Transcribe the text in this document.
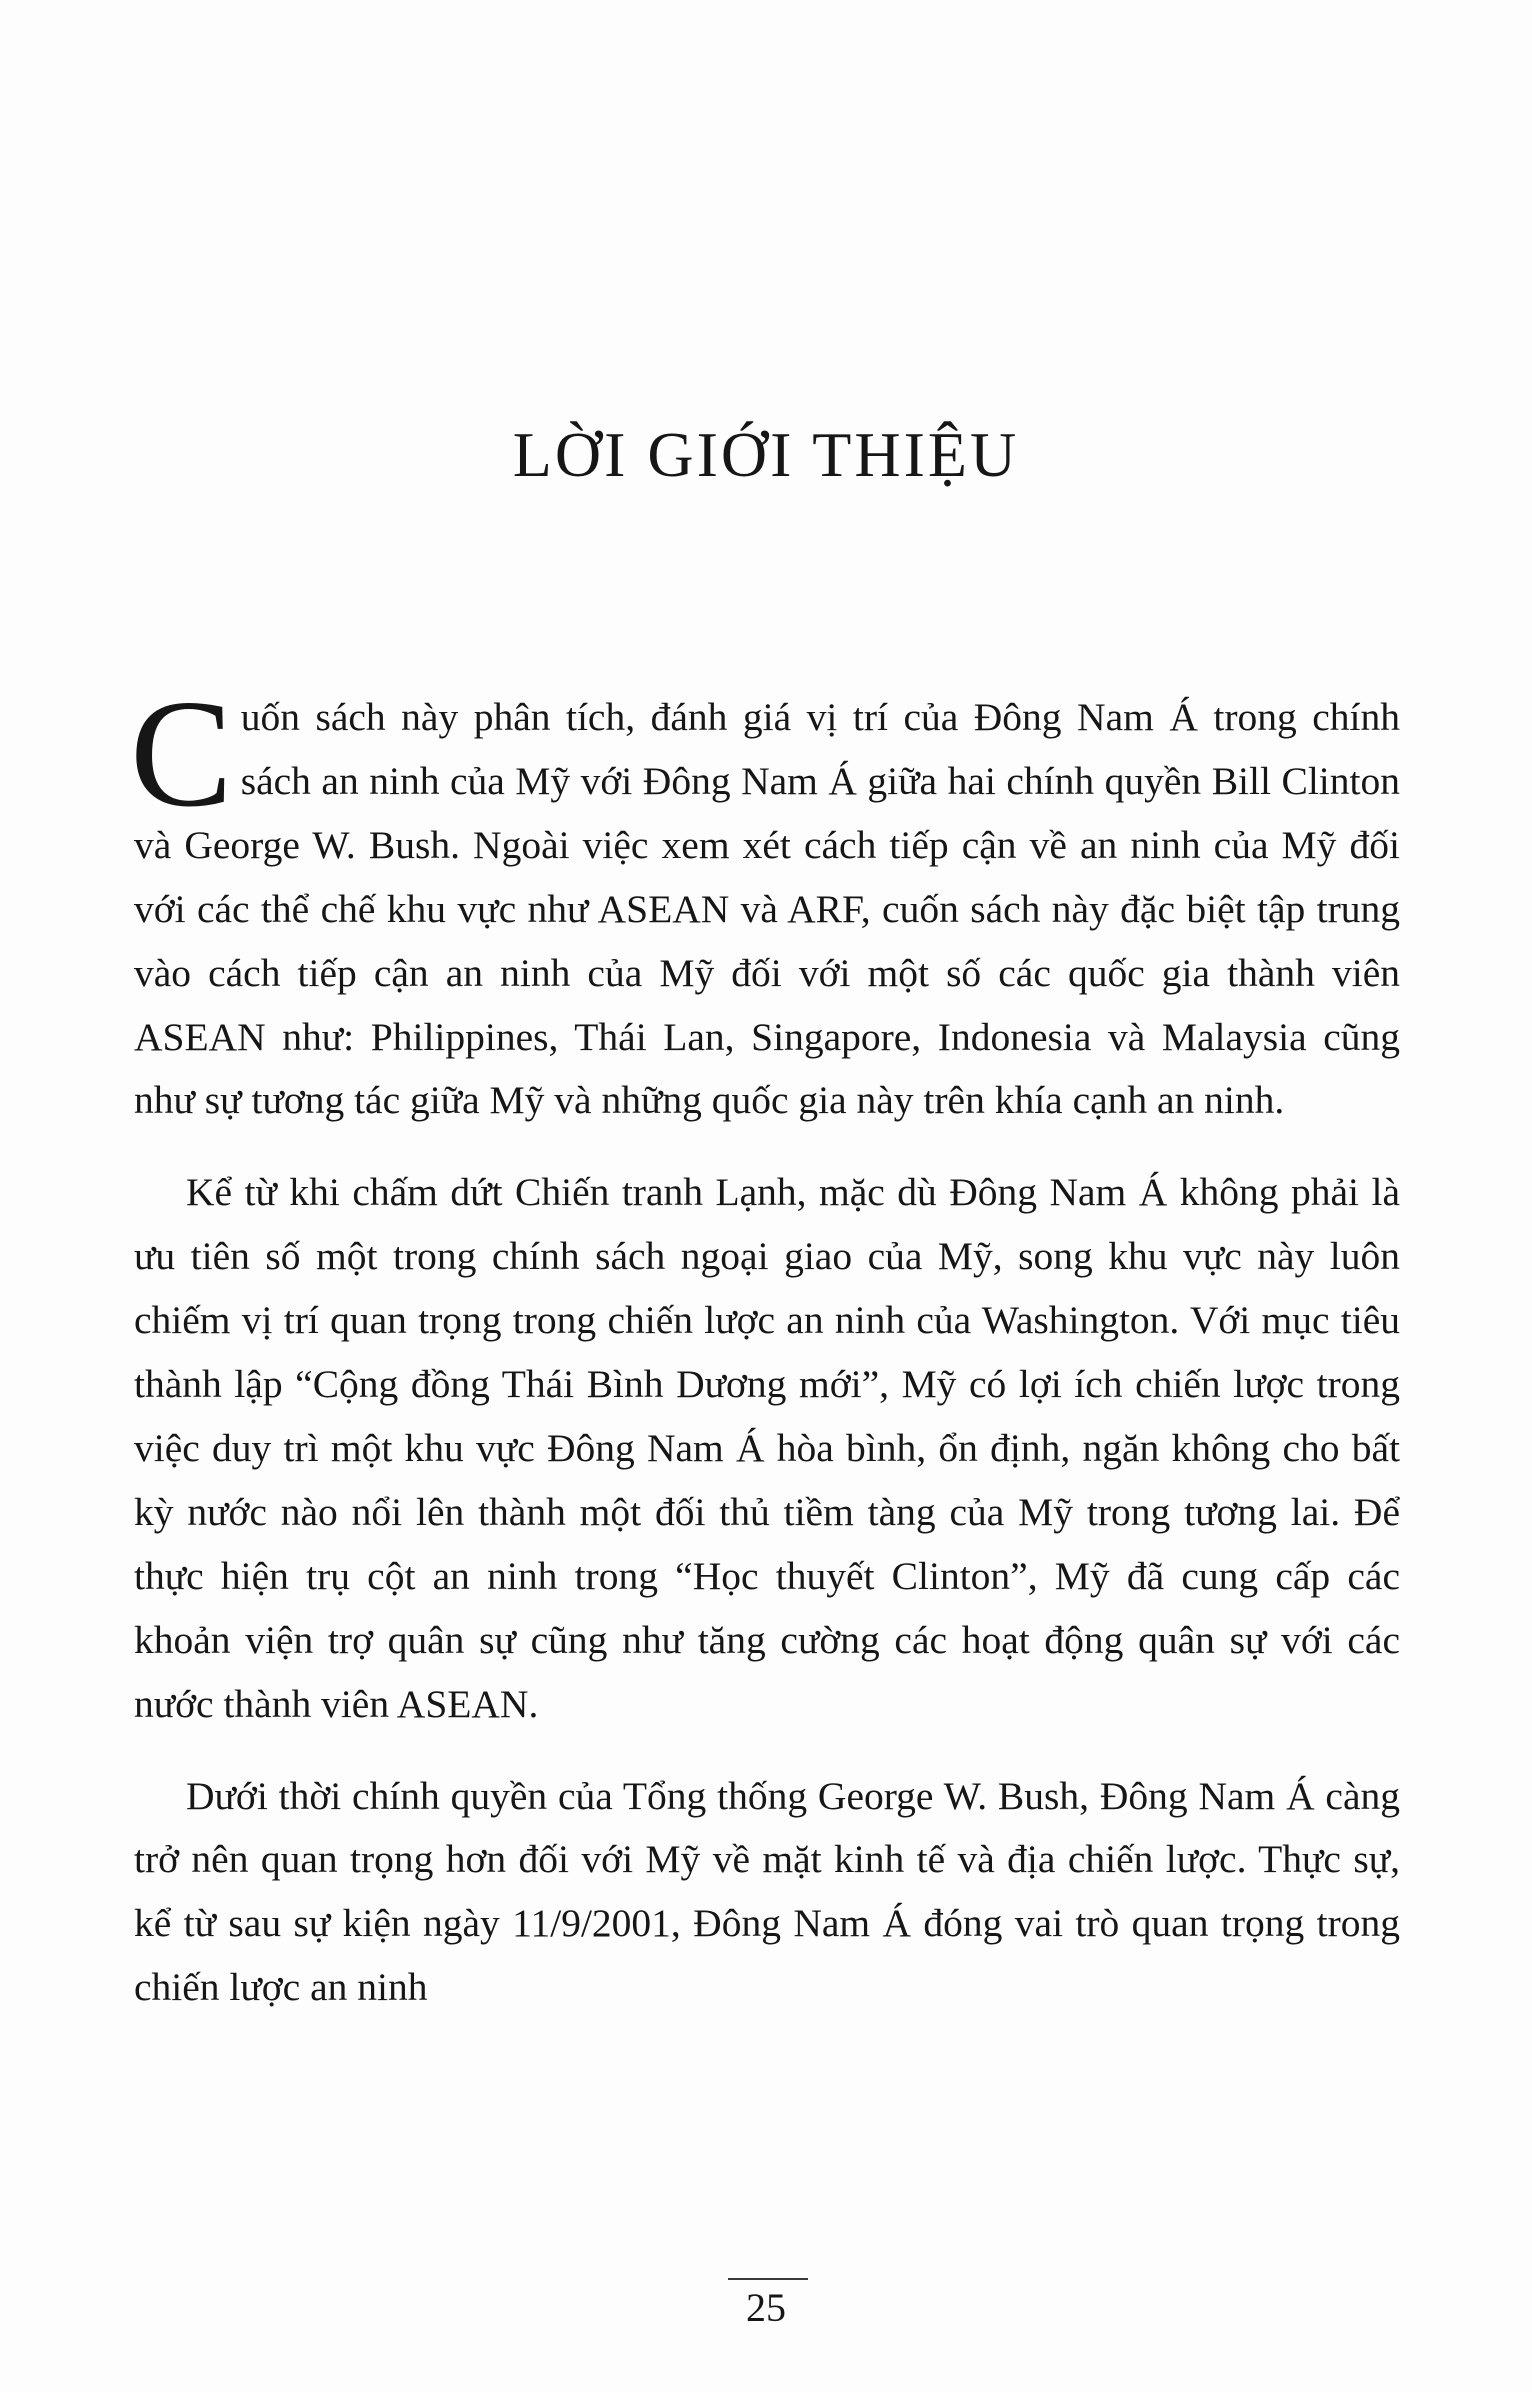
LỜI GIỚI THIỆU

Cuốn sách này phân tích, đánh giá vị trí của Đông Nam Á trong chính sách an ninh của Mỹ với Đông Nam Á giữa hai chính quyền Bill Clinton và George W. Bush. Ngoài việc xem xét cách tiếp cận về an ninh của Mỹ đối với các thể chế khu vực như ASEAN và ARF, cuốn sách này đặc biệt tập trung vào cách tiếp cận an ninh của Mỹ đối với một số các quốc gia thành viên ASEAN như: Philippines, Thái Lan, Singapore, Indonesia và Malaysia cũng như sự tương tác giữa Mỹ và những quốc gia này trên khía cạnh an ninh.

Kể từ khi chấm dứt Chiến tranh Lạnh, mặc dù Đông Nam Á không phải là ưu tiên số một trong chính sách ngoại giao của Mỹ, song khu vực này luôn chiếm vị trí quan trọng trong chiến lược an ninh của Washington. Với mục tiêu thành lập “Cộng đồng Thái Bình Dương mới”, Mỹ có lợi ích chiến lược trong việc duy trì một khu vực Đông Nam Á hòa bình, ổn định, ngăn không cho bất kỳ nước nào nổi lên thành một đối thủ tiềm tàng của Mỹ trong tương lai. Để thực hiện trụ cột an ninh trong “Học thuyết Clinton”, Mỹ đã cung cấp các khoản viện trợ quân sự cũng như tăng cường các hoạt động quân sự với các nước thành viên ASEAN.

Dưới thời chính quyền của Tổng thống George W. Bush, Đông Nam Á càng trở nên quan trọng hơn đối với Mỹ về mặt kinh tế và địa chiến lược. Thực sự, kể từ sau sự kiện ngày 11/9/2001, Đông Nam Á đóng vai trò quan trọng trong chiến lược an ninh

25
